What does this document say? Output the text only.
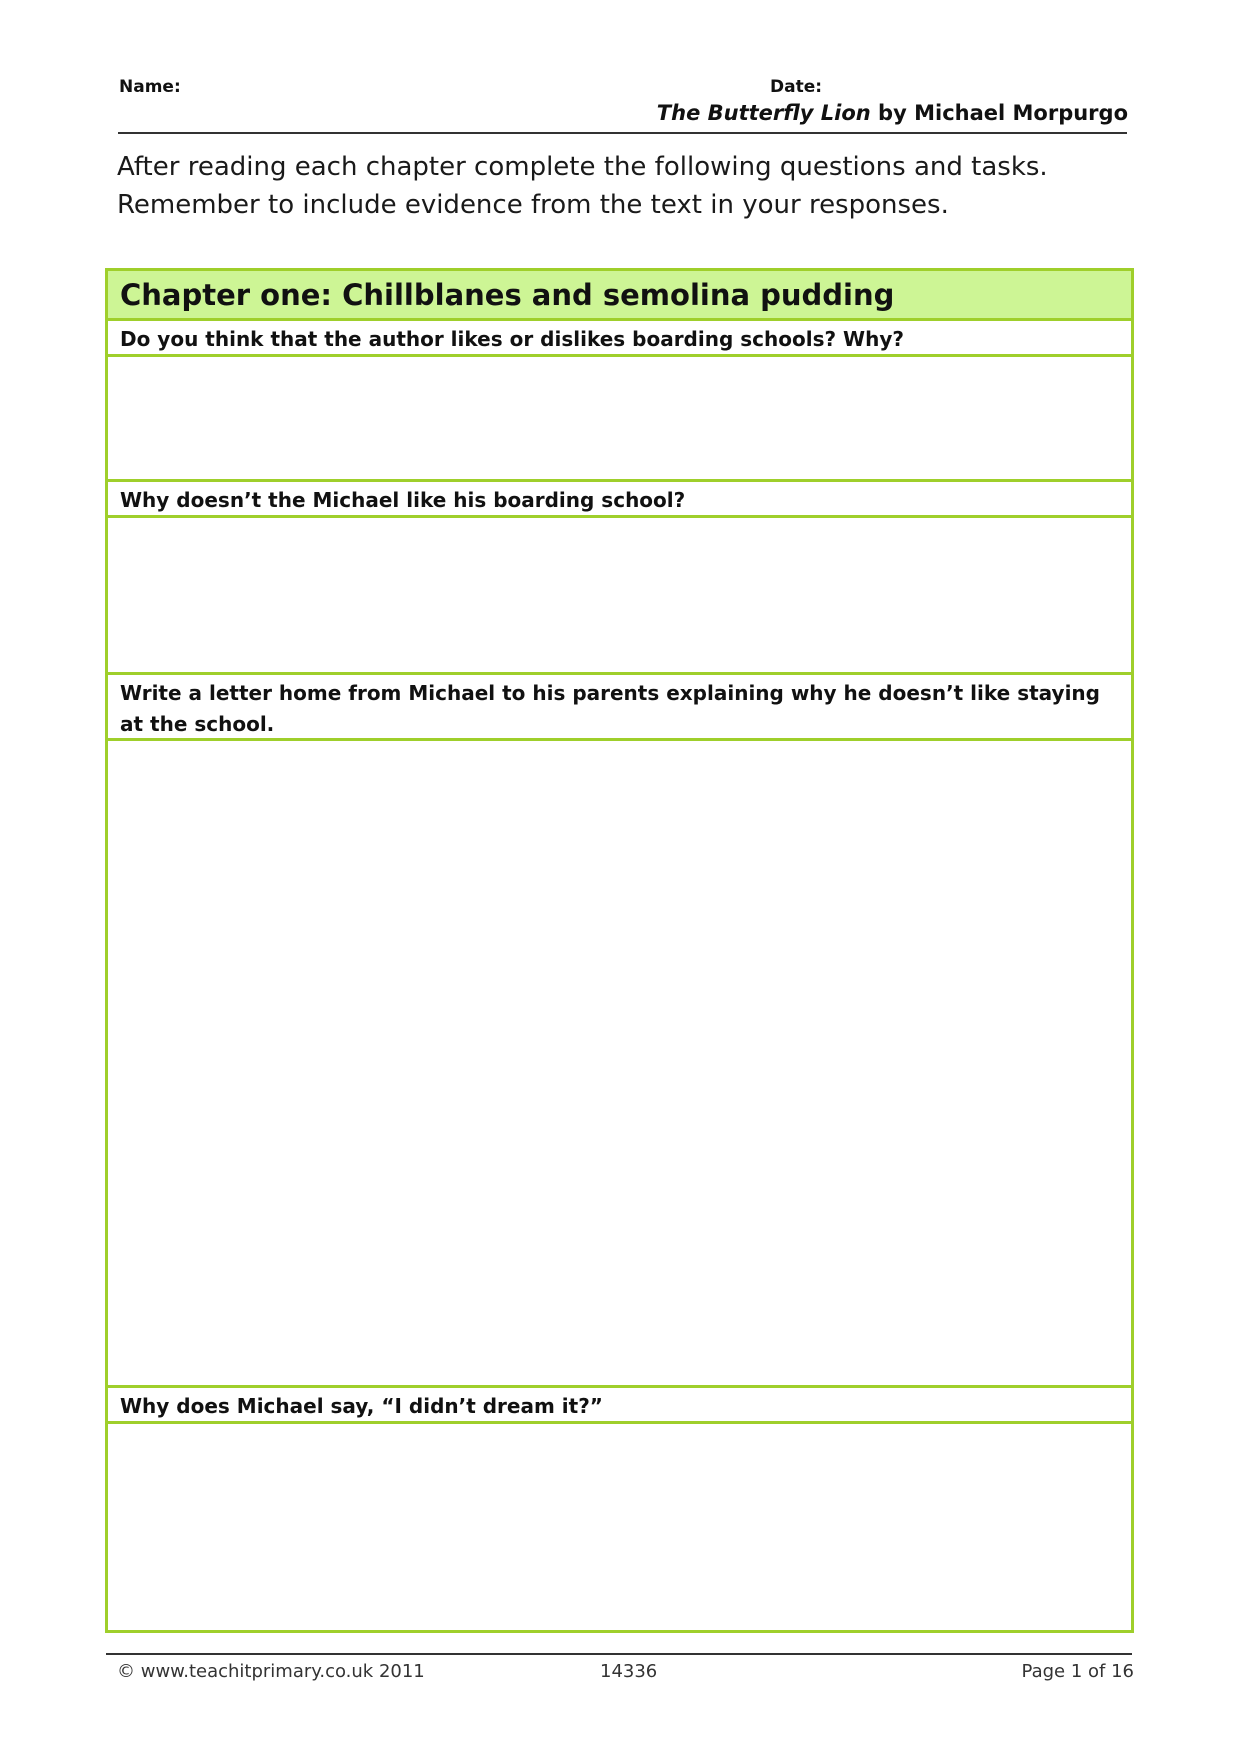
Name:	Date:
The Butterfly Lion by Michael Morpurgo
After reading each chapter complete the following questions and tasks.
Remember to include evidence from the text in your responses.
Chapter one: Chillblanes and semolina pudding
Do you think that the author likes or dislikes boarding schools? Why?
Why doesn’t the Michael like his boarding school?
Write a letter home from Michael to his parents explaining why he doesn’t like staying at the school.
Why does Michael say, “I didn’t dream it?”
© www.teachitprimary.co.uk 2011	14336	Page 1 of 16
